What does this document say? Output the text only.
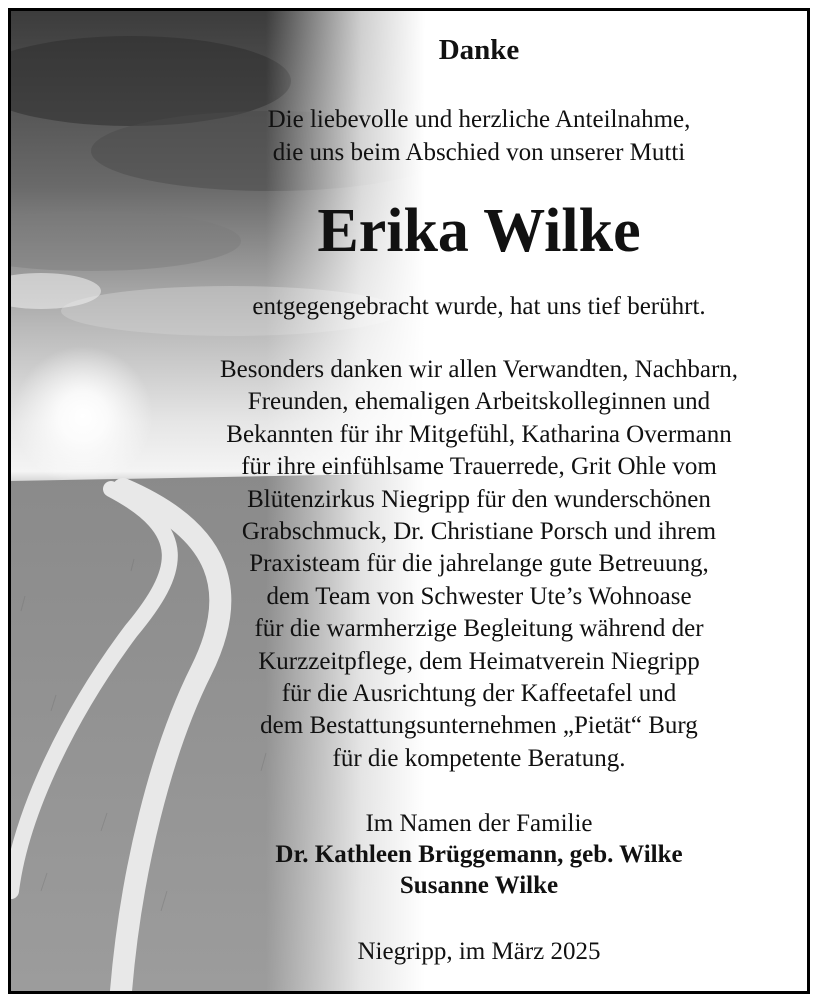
Danke
Die liebevolle und herzliche Anteilnahme,
die uns beim Abschied von unserer Mutti
Erika Wilke
entgegengebracht wurde, hat uns tief berührt.
Besonders danken wir allen Verwandten, Nachbarn,
Freunden, ehemaligen Arbeitskolleginnen und
Bekannten für ihr Mitgefühl, Katharina Overmann
für ihre einfühlsame Trauerrede, Grit Ohle vom
Blütenzirkus Niegripp für den wunderschönen
Grabschmuck, Dr. Christiane Porsch und ihrem
Praxisteam für die jahrelange gute Betreuung,
dem Team von Schwester Ute’s Wohnoase
für die warmherzige Begleitung während der
Kurzzeitpflege, dem Heimatverein Niegripp
für die Ausrichtung der Kaffeetafel und
dem Bestattungsunternehmen „Pietät“ Burg
für die kompetente Beratung.
Im Namen der Familie
Dr. Kathleen Brüggemann, geb. Wilke
Susanne Wilke
Niegripp, im März 2025
